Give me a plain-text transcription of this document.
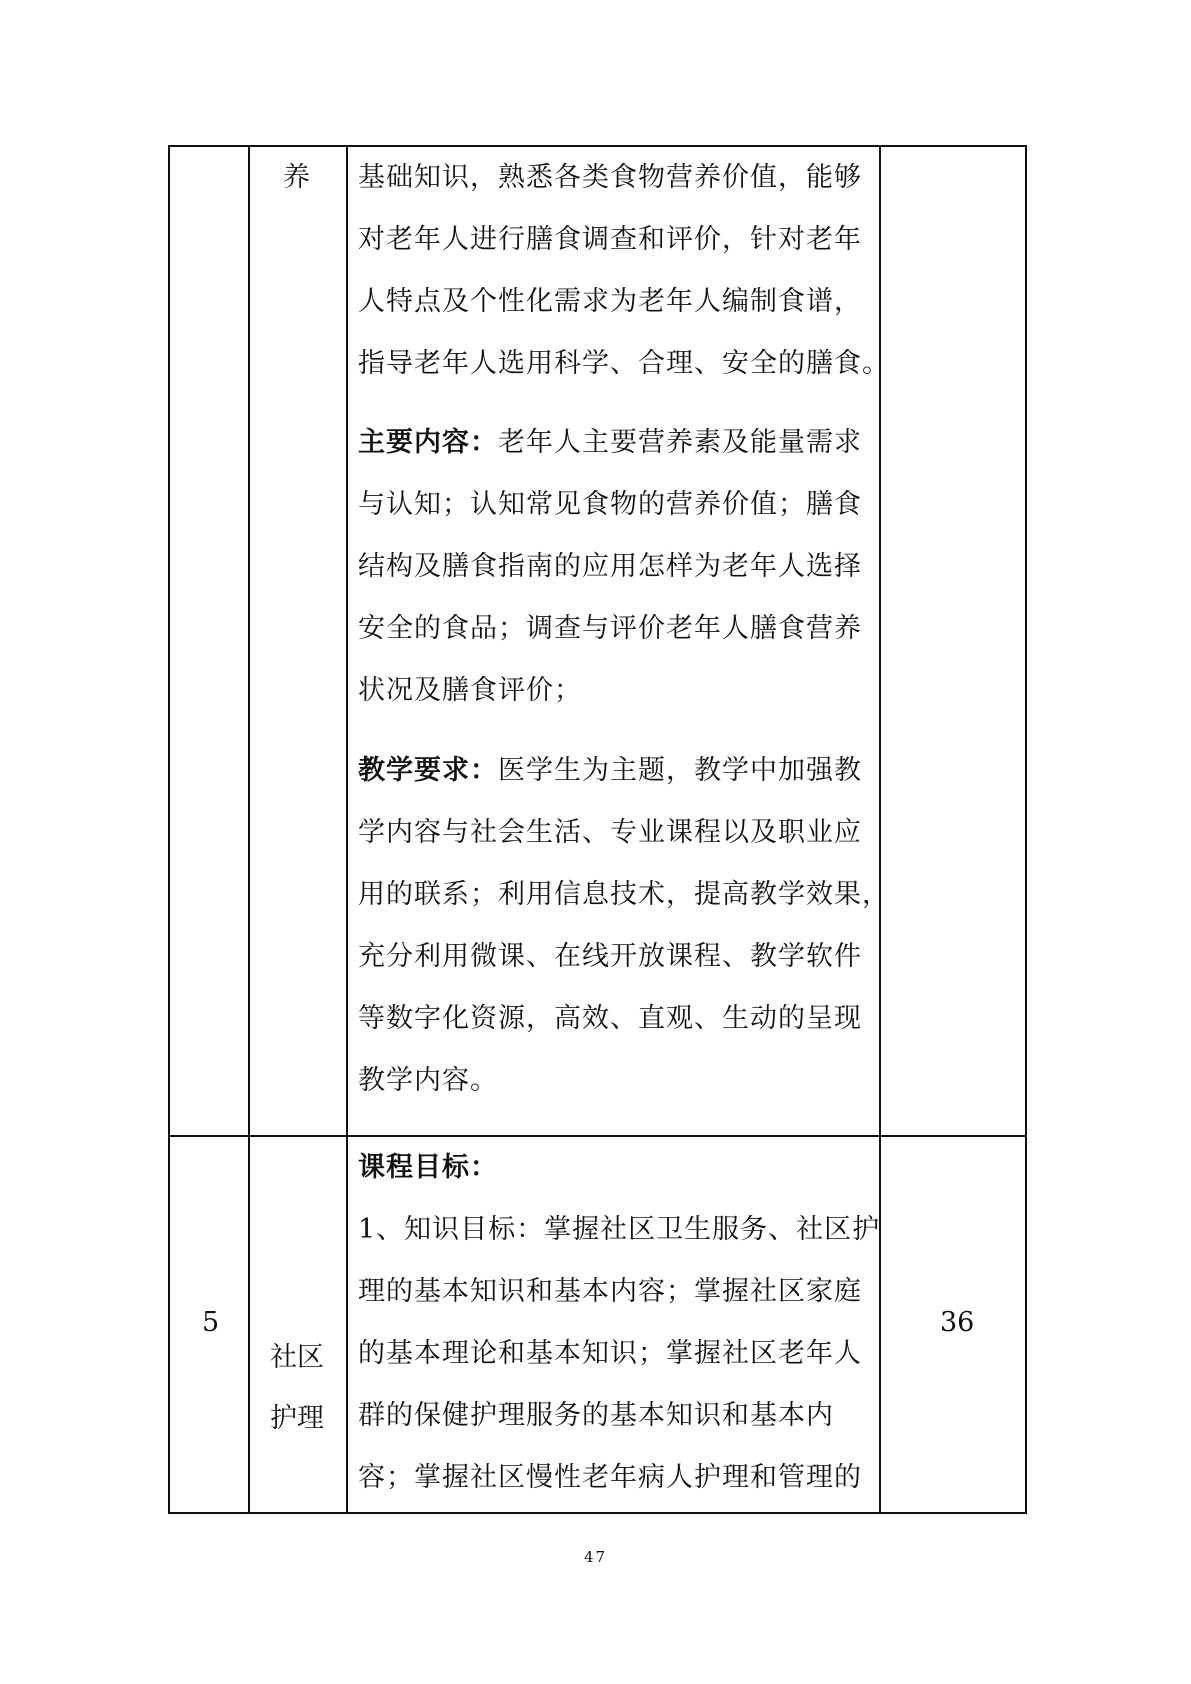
养 基础知识，熟悉各类食物营养价值，能够
对老年人进行膳食调查和评价，针对老年
人特点及个性化需求为老年人编制食谱，
指导老年人选用科学、合理、安全的膳食。
主要内容：老年人主要营养素及能量需求
与认知；认知常见食物的营养价值；膳食
结构及膳食指南的应用怎样为老年人选择
安全的食品；调查与评价老年人膳食营养
状况及膳食评价；
教学要求：医学生为主题，教学中加强教
学内容与社会生活、专业课程以及职业应
用的联系；利用信息技术，提高教学效果，
充分利用微课、在线开放课程、教学软件
等数字化资源，高效、直观、生动的呈现
教学内容。
5
社区
护理
36
课程目标：
1、知识目标：掌握社区卫生服务、社区护
理的基本知识和基本内容；掌握社区家庭
的基本理论和基本知识；掌握社区老年人
群的保健护理服务的基本知识和基本内
容；掌握社区慢性老年病人护理和管理的
47
